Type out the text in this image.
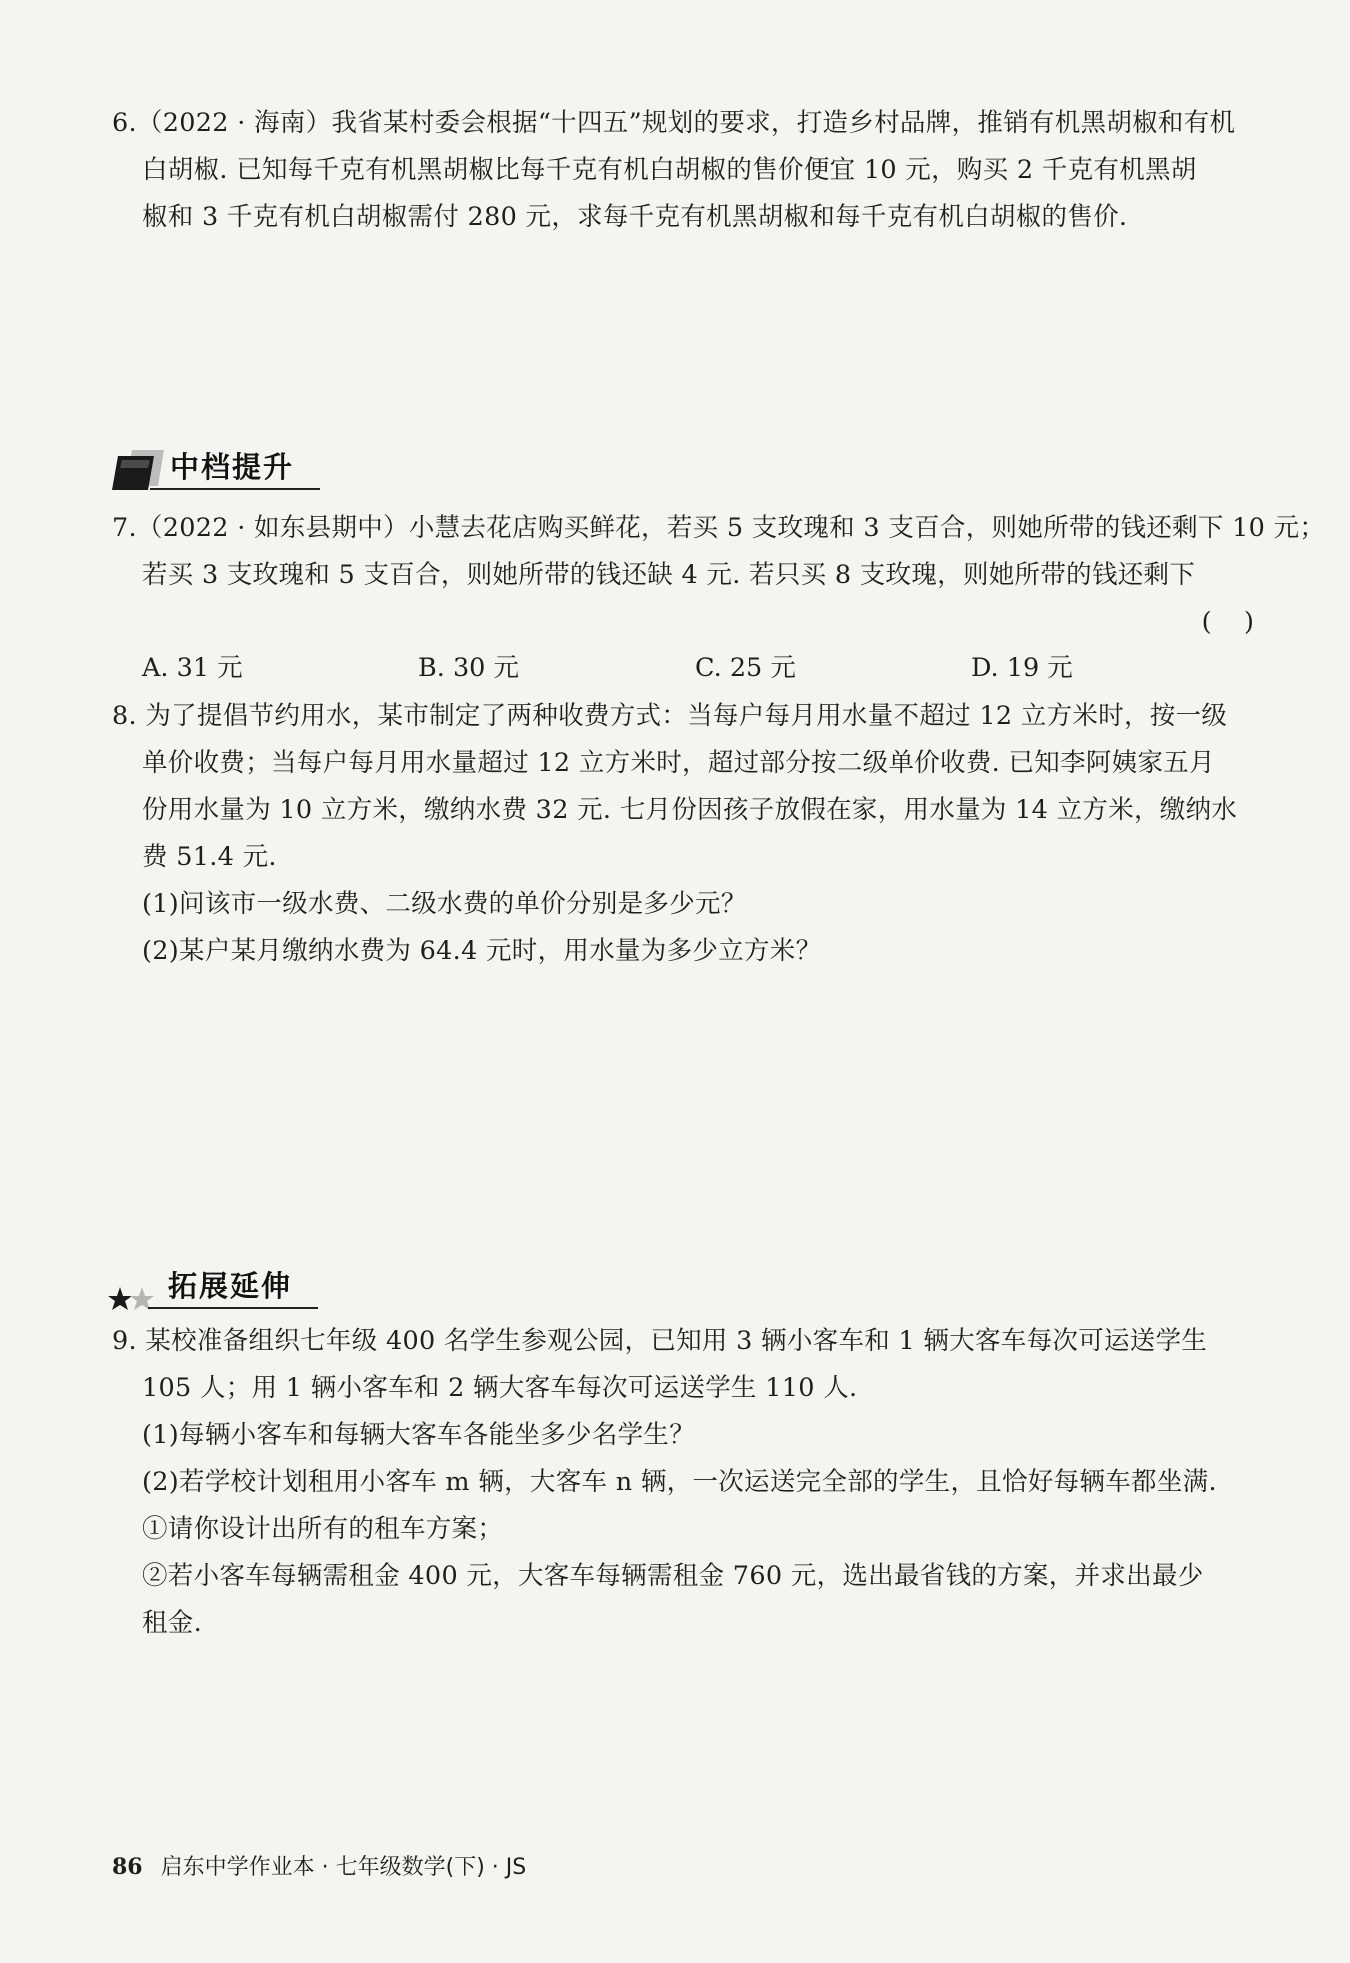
6.（2022 · 海南）我省某村委会根据“十四五”规划的要求，打造乡村品牌，推销有机黑胡椒和有机
白胡椒. 已知每千克有机黑胡椒比每千克有机白胡椒的售价便宜 10 元，购买 2 千克有机黑胡
椒和 3 千克有机白胡椒需付 280 元，求每千克有机黑胡椒和每千克有机白胡椒的售价.
中档提升
7.（2022 · 如东县期中）小慧去花店购买鲜花，若买 5 支玫瑰和 3 支百合，则她所带的钱还剩下 10 元；
若买 3 支玫瑰和 5 支百合，则她所带的钱还缺 4 元. 若只买 8 支玫瑰，则她所带的钱还剩下
(    )
A. 31 元	B. 30 元	C. 25 元	D. 19 元
8. 为了提倡节约用水，某市制定了两种收费方式：当每户每月用水量不超过 12 立方米时，按一级
单价收费；当每户每月用水量超过 12 立方米时，超过部分按二级单价收费. 已知李阿姨家五月
份用水量为 10 立方米，缴纳水费 32 元. 七月份因孩子放假在家，用水量为 14 立方米，缴纳水
费 51.4 元.
(1)问该市一级水费、二级水费的单价分别是多少元？
(2)某户某月缴纳水费为 64.4 元时，用水量为多少立方米？
拓展延伸
9. 某校准备组织七年级 400 名学生参观公园，已知用 3 辆小客车和 1 辆大客车每次可运送学生
105 人；用 1 辆小客车和 2 辆大客车每次可运送学生 110 人.
(1)每辆小客车和每辆大客车各能坐多少名学生？
(2)若学校计划租用小客车 m 辆，大客车 n 辆，一次运送完全部的学生，且恰好每辆车都坐满.
①请你设计出所有的租车方案；
②若小客车每辆需租金 400 元，大客车每辆需租金 760 元，选出最省钱的方案，并求出最少
租金.
86 启东中学作业本 · 七年级数学(下) · JS
